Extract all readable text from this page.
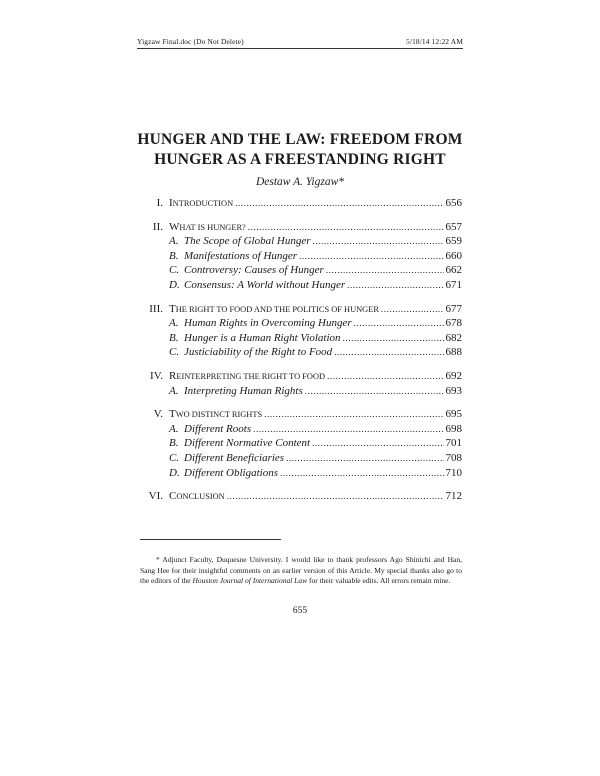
Yigzaw Final.doc (Do Not Delete)	5/18/14 12:22 AM
HUNGER AND THE LAW: FREEDOM FROM
HUNGER AS A FREESTANDING RIGHT
Destaw A. Yigzaw*
I. INTRODUCTION .....	656
II. WHAT IS HUNGER? .....	657
A. The Scope of Global Hunger .....	659
B. Manifestations of Hunger .....	660
C. Controversy: Causes of Hunger .....	662
D. Consensus: A World without Hunger .....	671
III. THE RIGHT TO FOOD AND THE POLITICS OF HUNGER .....	677
A. Human Rights in Overcoming Hunger .....	678
B. Hunger is a Human Right Violation .....	682
C. Justiciability of the Right to Food .....	688
IV. REINTERPRETING THE RIGHT TO FOOD .....	692
A. Interpreting Human Rights .....	693
V. TWO DISTINCT RIGHTS .....	695
A. Different Roots .....	698
B. Different Normative Content .....	701
C. Different Beneficiaries .....	708
D. Different Obligations .....	710
VI. CONCLUSION .....	712
* Adjunct Faculty, Duquesne University. I would like to thank professors Ago Shinichi and Han, Sang Hee for their insightful comments on an earlier version of this Article. My special thanks also go to the editors of the Houston Journal of International Law for their valuable edits. All errors remain mine.
655
